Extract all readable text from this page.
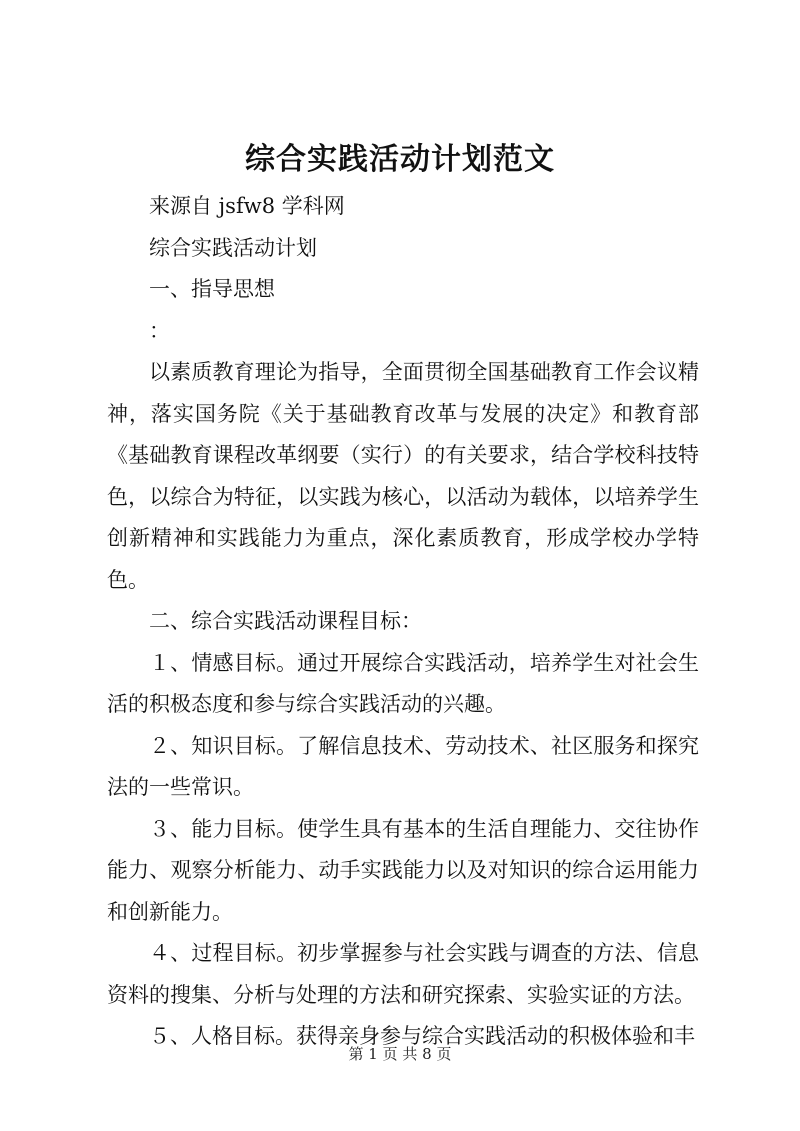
综合实践活动计划范文

来源自 jsfw8 学科网

综合实践活动计划

一、指导思想

：

以素质教育理论为指导，全面贯彻全国基础教育工作会议精神，落实国务院《关于基础教育改革与发展的决定》和教育部《基础教育课程改革纲要（实行）的有关要求，结合学校科技特色，以综合为特征，以实践为核心，以活动为载体，以培养学生创新精神和实践能力为重点，深化素质教育，形成学校办学特色。

二、综合实践活动课程目标：

１、情感目标。通过开展综合实践活动，培养学生对社会生活的积极态度和参与综合实践活动的兴趣。

２、知识目标。了解信息技术、劳动技术、社区服务和探究法的一些常识。

３、能力目标。使学生具有基本的生活自理能力、交往协作能力、观察分析能力、动手实践能力以及对知识的综合运用能力和创新能力。

４、过程目标。初步掌握参与社会实践与调查的方法、信息资料的搜集、分析与处理的方法和研究探索、实验实证的方法。

５、人格目标。获得亲身参与综合实践活动的积极体验和丰

第 1 页 共 8 页
